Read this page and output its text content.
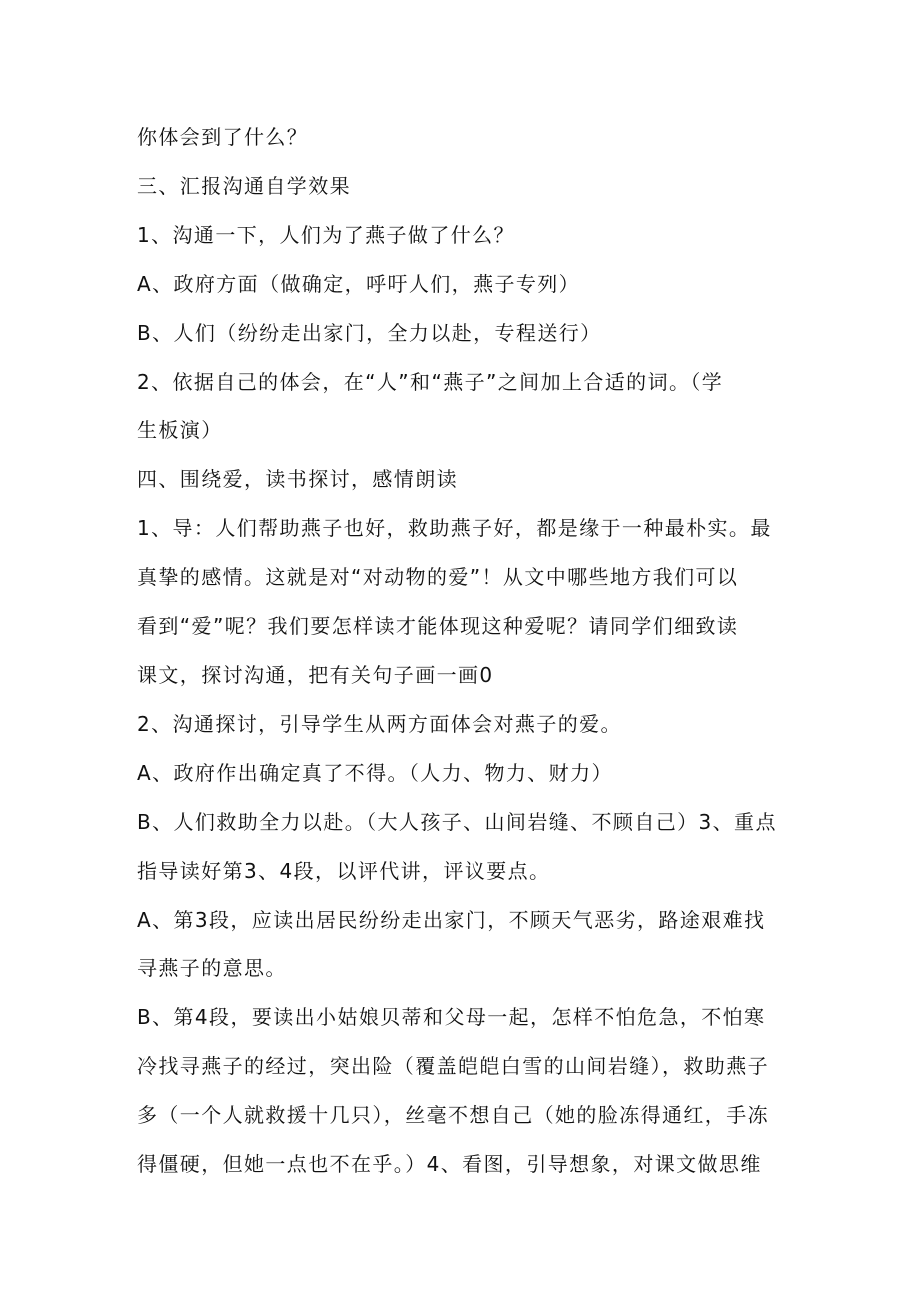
你体会到了什么？

三、汇报沟通自学效果

1、沟通一下，人们为了燕子做了什么？

A、政府方面（做确定，呼吁人们，燕子专列）

B、人们（纷纷走出家门，全力以赴，专程送行）

2、依据自己的体会，在“人”和“燕子”之间加上合适的词。（学

生板演）

四、围绕爱，读书探讨，感情朗读

1、导：人们帮助燕子也好，救助燕子好，都是缘于一种最朴实。最

真挚的感情。这就是对“对动物的爱”！从文中哪些地方我们可以

看到“爱”呢？我们要怎样读才能体现这种爱呢？请同学们细致读

课文，探讨沟通，把有关句子画一画0

2、沟通探讨，引导学生从两方面体会对燕子的爱。

A、政府作出确定真了不得。（人力、物力、财力）

B、人们救助全力以赴。（大人孩子、山间岩缝、不顾自己）3、重点

指导读好第3、4段，以评代讲，评议要点。

A、第3段，应读出居民纷纷走出家门，不顾天气恶劣，路途艰难找

寻燕子的意思。

B、第4段，要读出小姑娘贝蒂和父母一起，怎样不怕危急，不怕寒

冷找寻燕子的经过，突出险（覆盖皑皑白雪的山间岩缝），救助燕子

多（一个人就救援十几只），丝毫不想自己（她的脸冻得通红，手冻

得僵硬，但她一点也不在乎。）4、看图，引导想象，对课文做思维
